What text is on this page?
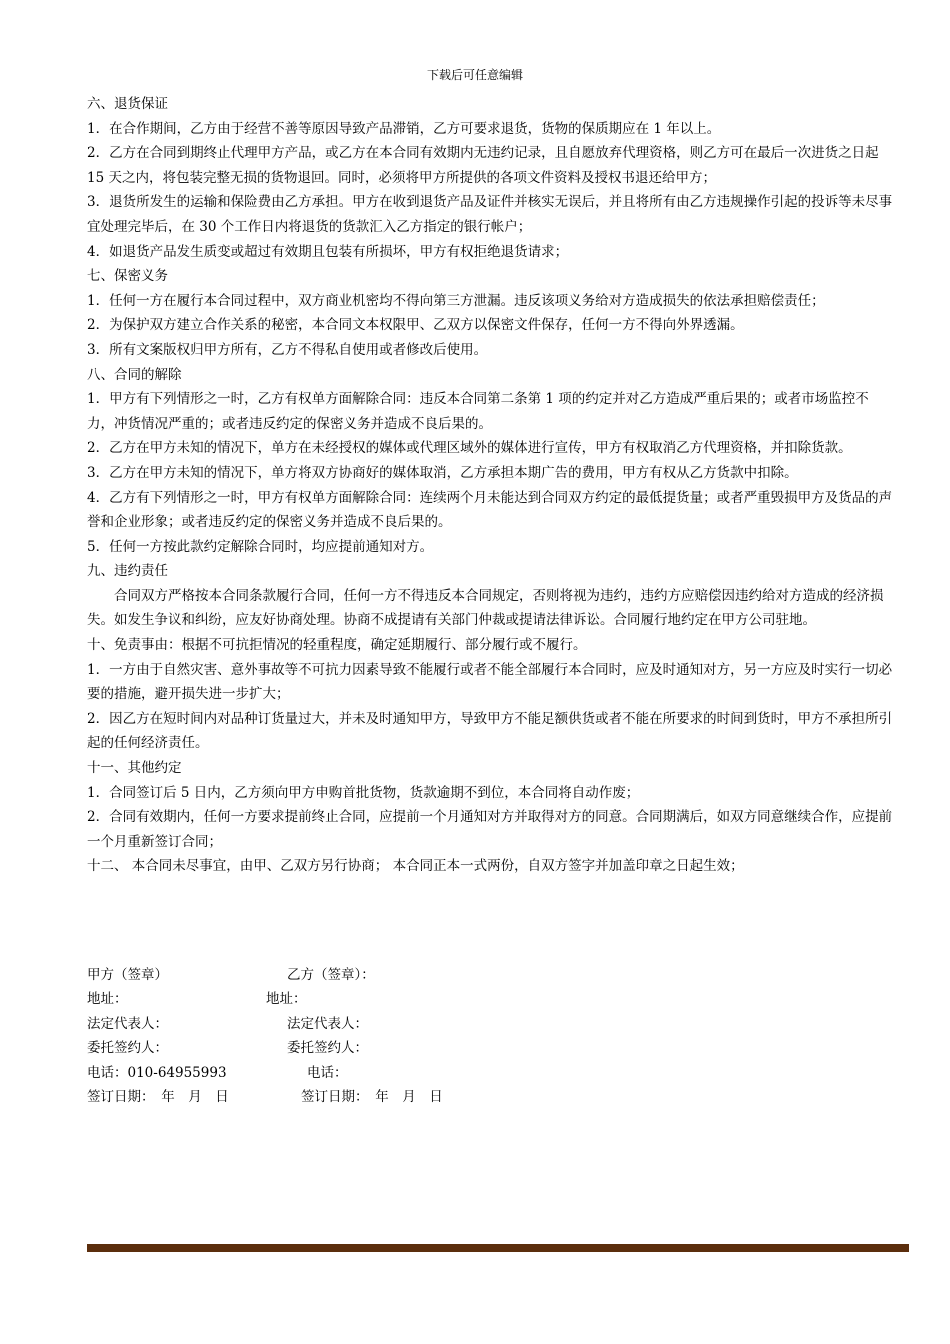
下载后可任意编辑

六、退货保证

1．在合作期间，乙方由于经营不善等原因导致产品滞销，乙方可要求退货，货物的保质期应在 1 年以上。

2．乙方在合同到期终止代理甲方产品，或乙方在本合同有效期内无违约记录，且自愿放弃代理资格，则乙方可在最后一次进货之日起 15 天之内，将包装完整无损的货物退回。同时，必须将甲方所提供的各项文件资料及授权书退还给甲方；

3．退货所发生的运输和保险费由乙方承担。甲方在收到退货产品及证件并核实无误后，并且将所有由乙方违规操作引起的投诉等未尽事宜处理完毕后，在 30 个工作日内将退货的货款汇入乙方指定的银行帐户；

4．如退货产品发生质变或超过有效期且包装有所损坏，甲方有权拒绝退货请求；

七、保密义务

1．任何一方在履行本合同过程中，双方商业机密均不得向第三方泄漏。违反该项义务给对方造成损失的依法承担赔偿责任；

2．为保护双方建立合作关系的秘密，本合同文本权限甲、乙双方以保密文件保存，任何一方不得向外界透漏。

3．所有文案版权归甲方所有，乙方不得私自使用或者修改后使用。

八、合同的解除

1．甲方有下列情形之一时，乙方有权单方面解除合同：违反本合同第二条第 1 项的约定并对乙方造成严重后果的；或者市场监控不力，冲货情况严重的；或者违反约定的保密义务并造成不良后果的。

2．乙方在甲方未知的情况下，单方在未经授权的媒体或代理区域外的媒体进行宣传，甲方有权取消乙方代理资格，并扣除货款。

3．乙方在甲方未知的情况下，单方将双方协商好的媒体取消，乙方承担本期广告的费用，甲方有权从乙方货款中扣除。

4．乙方有下列情形之一时，甲方有权单方面解除合同：连续两个月未能达到合同双方约定的最低提货量；或者严重毁损甲方及货品的声誉和企业形象；或者违反约定的保密义务并造成不良后果的。

5．任何一方按此款约定解除合同时，均应提前通知对方。

九、违约责任

合同双方严格按本合同条款履行合同，任何一方不得违反本合同规定，否则将视为违约，违约方应赔偿因违约给对方造成的经济损失。如发生争议和纠纷，应友好协商处理。协商不成提请有关部门仲裁或提请法律诉讼。合同履行地约定在甲方公司驻地。

十、免责事由：根据不可抗拒情况的轻重程度，确定延期履行、部分履行或不履行。

1．一方由于自然灾害、意外事故等不可抗力因素导致不能履行或者不能全部履行本合同时，应及时通知对方，另一方应及时实行一切必要的措施，避开损失进一步扩大；

2．因乙方在短时间内对品种订货量过大，并未及时通知甲方，导致甲方不能足额供货或者不能在所要求的时间到货时，甲方不承担所引起的任何经济责任。

十一、其他约定

1．合同签订后 5 日内，乙方须向甲方申购首批货物，货款逾期不到位，本合同将自动作废；

2．合同有效期内，任何一方要求提前终止合同，应提前一个月通知对方并取得对方的同意。合同期满后，如双方同意继续合作，应提前一个月重新签订合同；

十二、 本合同未尽事宜，由甲、乙双方另行协商； 本合同正本一式两份，自双方签字并加盖印章之日起生效；

甲方（签章）	乙方（签章）：
地址：	地址：
法定代表人：	法定代表人：
委托签约人：	委托签约人：
电话：010-64955993	电话：
签订日期：　年　月　日	签订日期：　年　月　日
